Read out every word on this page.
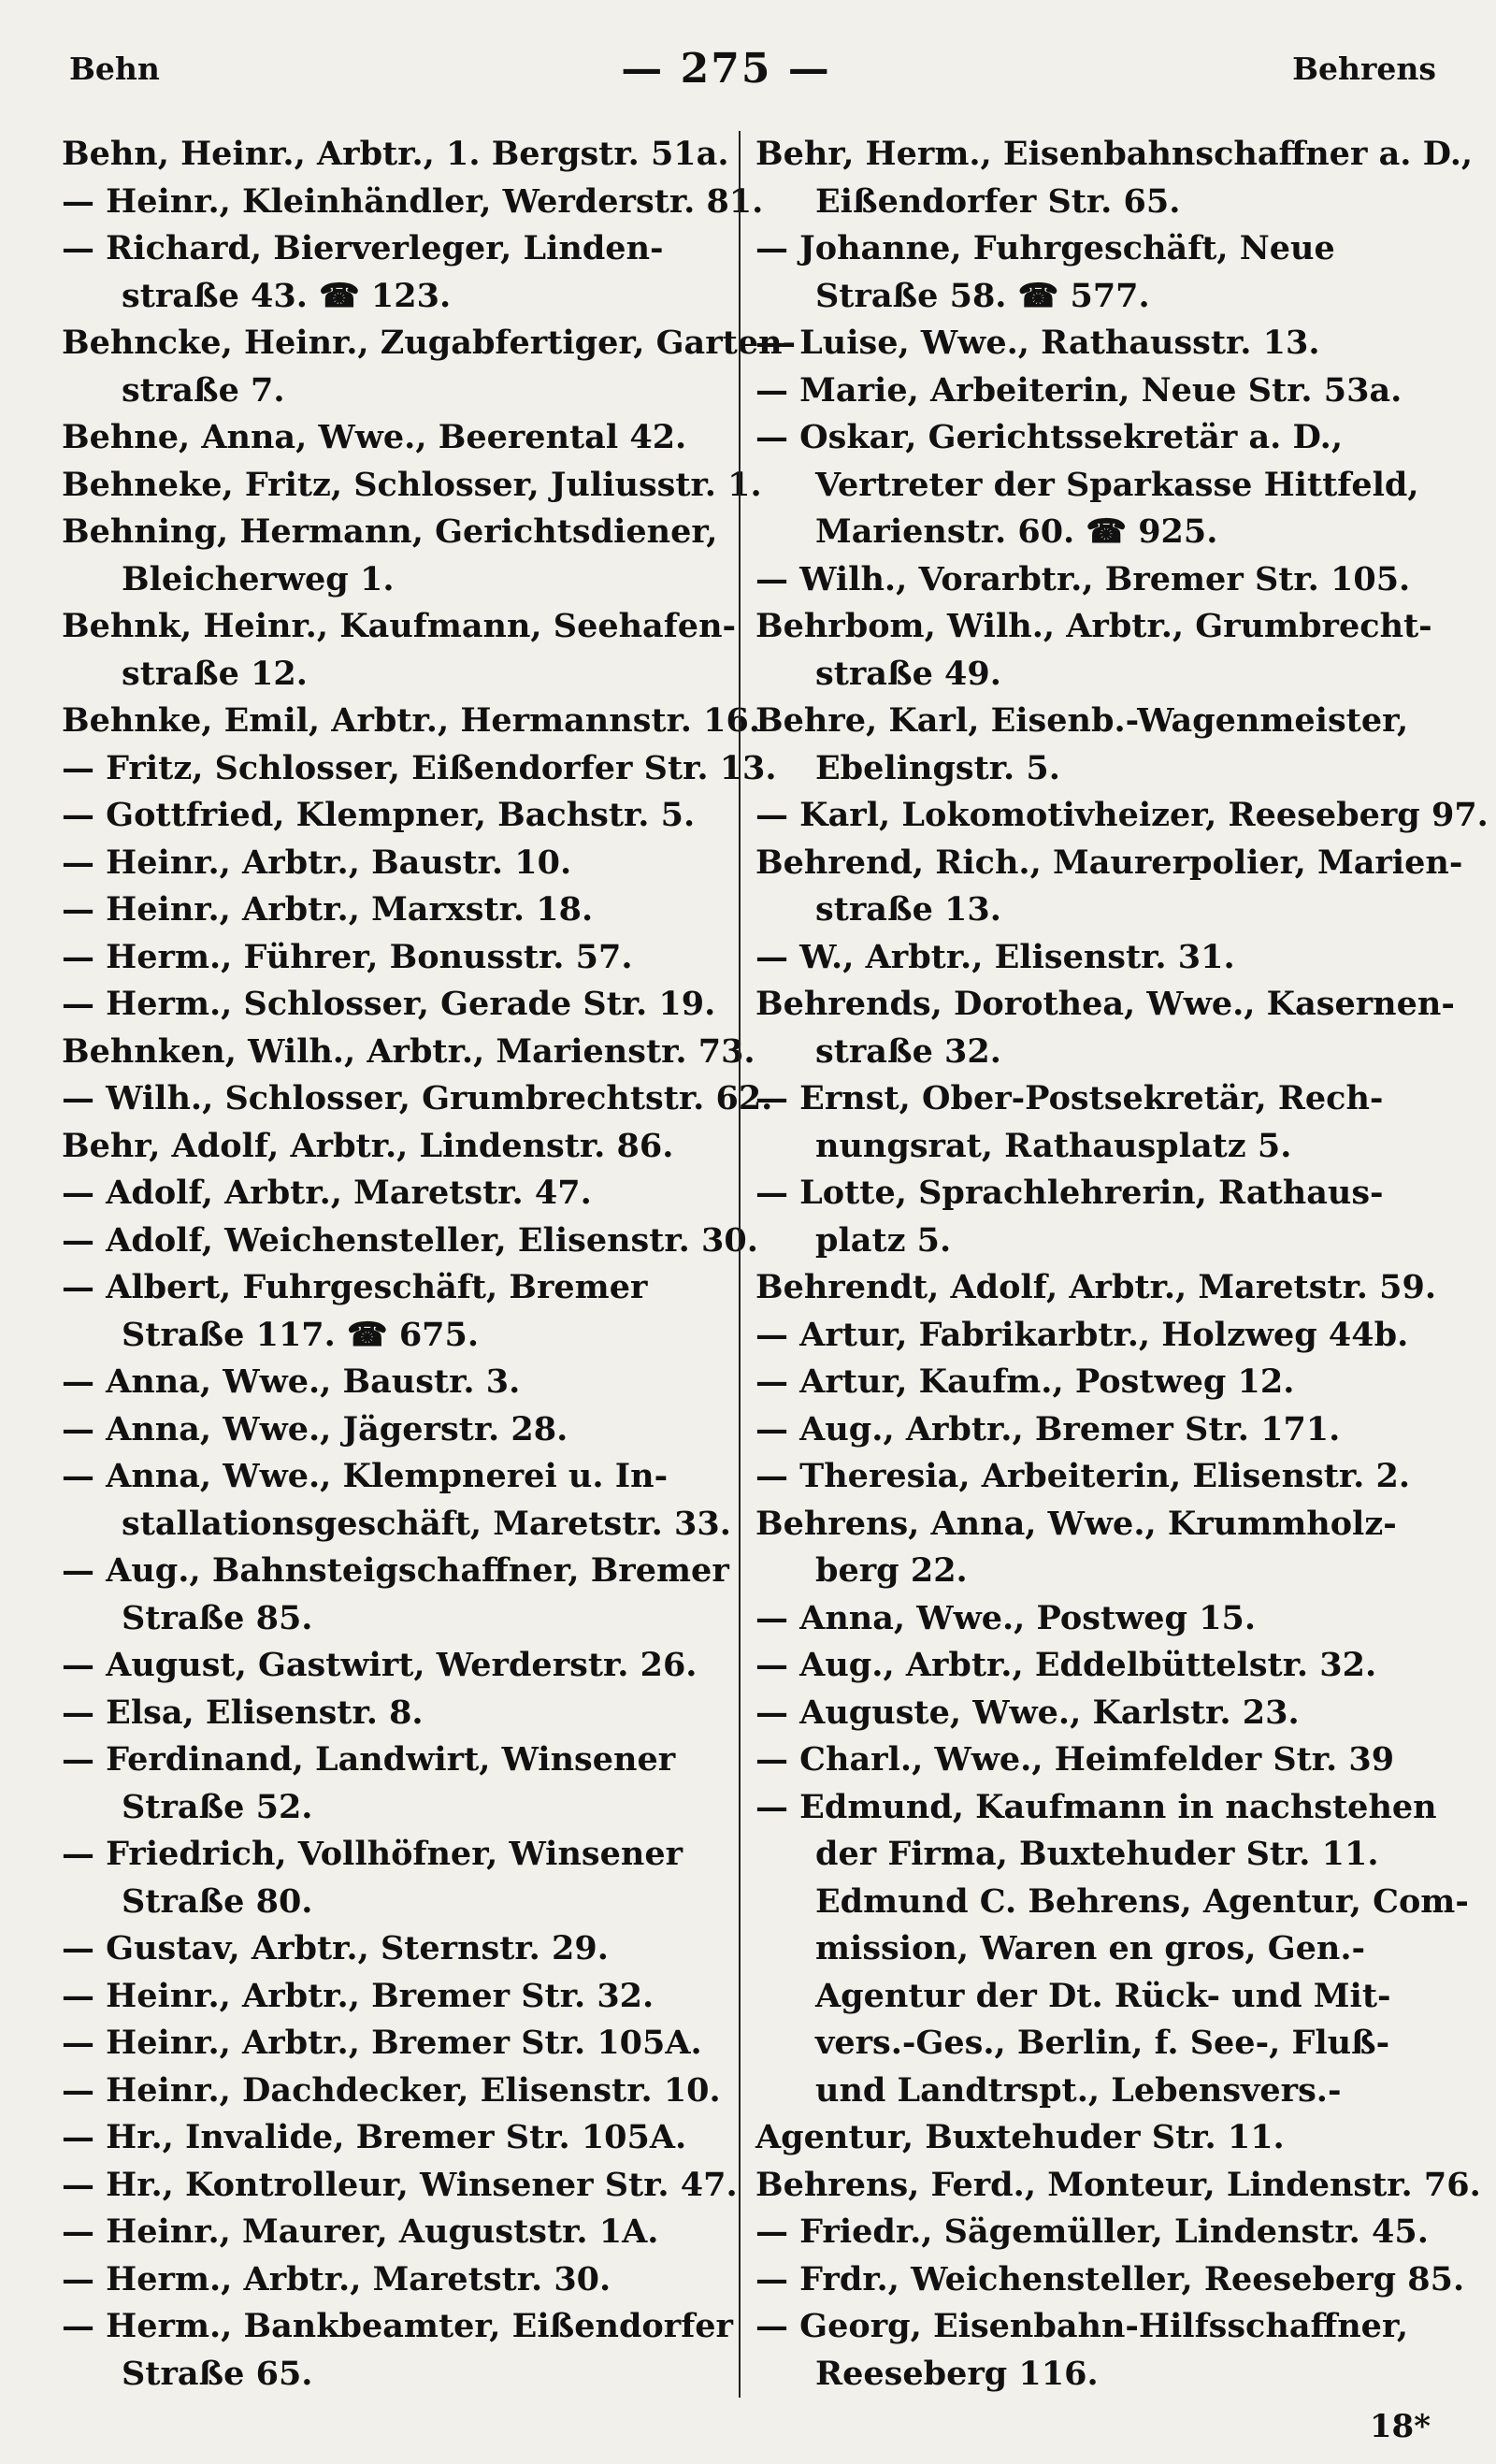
Behn	— 275 —	Behrens
Behn, Heinr., Arbtr., 1. Bergstr. 51a.
— Heinr., Kleinhändler, Werderstr. 81.
— Richard, Bierverleger, Linden-
straße 43. ☎ 123.
Behncke, Heinr., Zugabfertiger, Garten-
straße 7.
Behne, Anna, Wwe., Beerental 42.
Behneke, Fritz, Schlosser, Juliusstr. 1.
Behning, Hermann, Gerichtsdiener,
Bleicherweg 1.
Behnk, Heinr., Kaufmann, Seehafen-
straße 12.
Behnke, Emil, Arbtr., Hermannstr. 16.
— Fritz, Schlosser, Eißendorfer Str. 13.
— Gottfried, Klempner, Bachstr. 5.
— Heinr., Arbtr., Baustr. 10.
— Heinr., Arbtr., Marxstr. 18.
— Herm., Führer, Bonusstr. 57.
— Herm., Schlosser, Gerade Str. 19.
Behnken, Wilh., Arbtr., Marienstr. 73.
— Wilh., Schlosser, Grumbrechtstr. 62.
Behr, Adolf, Arbtr., Lindenstr. 86.
— Adolf, Arbtr., Maretstr. 47.
— Adolf, Weichensteller, Elisenstr. 30.
— Albert, Fuhrgeschäft, Bremer
Straße 117. ☎ 675.
— Anna, Wwe., Baustr. 3.
— Anna, Wwe., Jägerstr. 28.
— Anna, Wwe., Klempnerei u. In-
stallationsgeschäft, Maretstr. 33.
— Aug., Bahnsteigschaffner, Bremer
Straße 85.
— August, Gastwirt, Werderstr. 26.
— Elsa, Elisenstr. 8.
— Ferdinand, Landwirt, Winsener
Straße 52.
— Friedrich, Vollhöfner, Winsener
Straße 80.
— Gustav, Arbtr., Sternstr. 29.
— Heinr., Arbtr., Bremer Str. 32.
— Heinr., Arbtr., Bremer Str. 105A.
— Heinr., Dachdecker, Elisenstr. 10.
— Hr., Invalide, Bremer Str. 105A.
— Hr., Kontrolleur, Winsener Str. 47.
— Heinr., Maurer, Auguststr. 1A.
— Herm., Arbtr., Maretstr. 30.
— Herm., Bankbeamter, Eißendorfer
Straße 65.
Behr, Herm., Eisenbahnschaffner a. D.,
Eißendorfer Str. 65.
— Johanne, Fuhrgeschäft, Neue
Straße 58. ☎ 577.
— Luise, Wwe., Rathausstr. 13.
— Marie, Arbeiterin, Neue Str. 53a.
— Oskar, Gerichtssekretär a. D.,
Vertreter der Sparkasse Hittfeld,
Marienstr. 60. ☎ 925.
— Wilh., Vorarbtr., Bremer Str. 105.
Behrbom, Wilh., Arbtr., Grumbrecht-
straße 49.
Behre, Karl, Eisenb.-Wagenmeister,
Ebelingstr. 5.
— Karl, Lokomotivheizer, Reeseberg 97.
Behrend, Rich., Maurerpolier, Marien-
straße 13.
— W., Arbtr., Elisenstr. 31.
Behrends, Dorothea, Wwe., Kasernen-
straße 32.
— Ernst, Ober-Postsekretär, Rech-
nungsrat, Rathausplatz 5.
— Lotte, Sprachlehrerin, Rathaus-
platz 5.
Behrendt, Adolf, Arbtr., Maretstr. 59.
— Artur, Fabrikarbtr., Holzweg 44b.
— Artur, Kaufm., Postweg 12.
— Aug., Arbtr., Bremer Str. 171.
— Theresia, Arbeiterin, Elisenstr. 2.
Behrens, Anna, Wwe., Krummholz-
berg 22.
— Anna, Wwe., Postweg 15.
— Aug., Arbtr., Eddelbüttelstr. 32.
— Auguste, Wwe., Karlstr. 23.
— Charl., Wwe., Heimfelder Str. 39
— Edmund, Kaufmann in nachstehen
der Firma, Buxtehuder Str. 11.
Edmund C. Behrens, Agentur, Com-
mission, Waren en gros, Gen.-
Agentur der Dt. Rück- und Mit-
vers.-Ges., Berlin, f. See-, Fluß-
und Landtrspt., Lebensvers.-
Agentur, Buxtehuder Str. 11.
Behrens, Ferd., Monteur, Lindenstr. 76.
— Friedr., Sägemüller, Lindenstr. 45.
— Frdr., Weichensteller, Reeseberg 85.
— Georg, Eisenbahn-Hilfsschaffner,
Reeseberg 116.
18*
